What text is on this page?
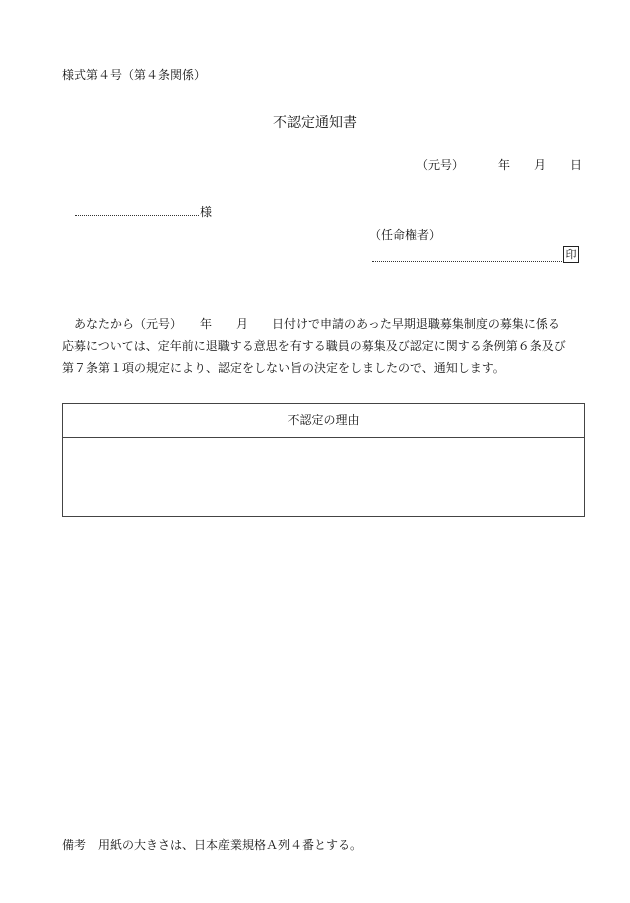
様式第４号（第４条関係）
不認定通知書
（元号）	年 月 日
様
（任命権者）
印

あなたから（元号）　　年　　月　　日付けで申請のあった早期退職募集制度の募集に係る

応募については、定年前に退職する意思を有する職員の募集及び認定に関する条例第６条及び

第７条第１項の規定により、認定をしない旨の決定をしましたので、通知します。

不認定の理由
備考　用紙の大きさは、日本産業規格Ａ列４番とする。
